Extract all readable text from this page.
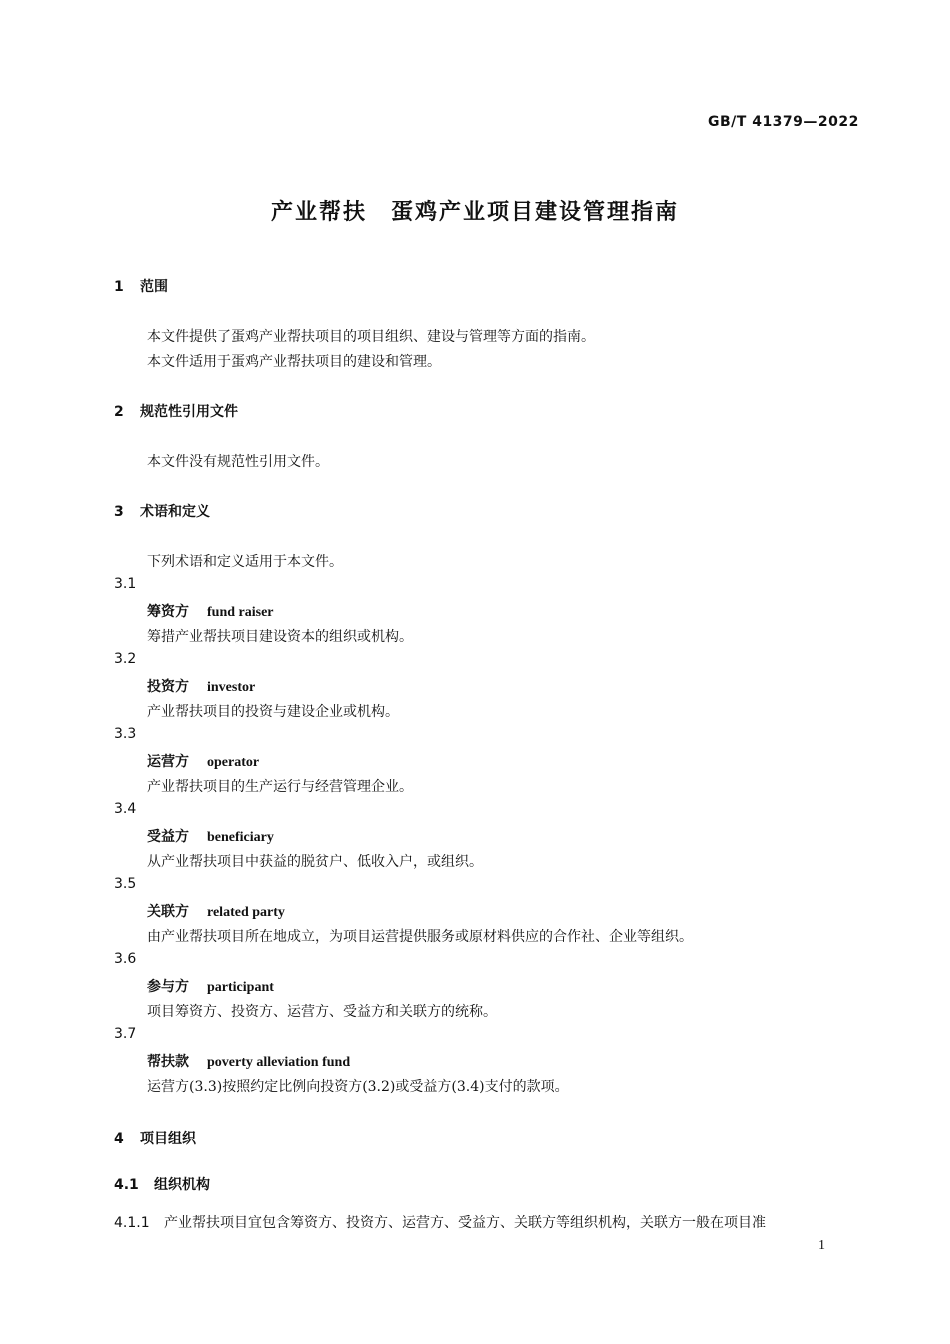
GB/T 41379—2022
产业帮扶　蛋鸡产业项目建设管理指南
1 范围
本文件提供了蛋鸡产业帮扶项目的项目组织、建设与管理等方面的指南。
本文件适用于蛋鸡产业帮扶项目的建设和管理。
2 规范性引用文件
本文件没有规范性引用文件。
3 术语和定义
下列术语和定义适用于本文件。
3.1
筹资方 fund raiser
筹措产业帮扶项目建设资本的组织或机构。
3.2
投资方 investor
产业帮扶项目的投资与建设企业或机构。
3.3
运营方 operator
产业帮扶项目的生产运行与经营管理企业。
3.4
受益方 beneficiary
从产业帮扶项目中获益的脱贫户、低收入户，或组织。
3.5
关联方 related party
由产业帮扶项目所在地成立，为项目运营提供服务或原材料供应的合作社、企业等组织。
3.6
参与方 participant
项目筹资方、投资方、运营方、受益方和关联方的统称。
3.7
帮扶款 poverty alleviation fund
运营方(3.3)按照约定比例向投资方(3.2)或受益方(3.4)支付的款项。
4 项目组织
4.1 组织机构
4.1.1 产业帮扶项目宜包含筹资方、投资方、运营方、受益方、关联方等组织机构，关联方一般在项目准
1
